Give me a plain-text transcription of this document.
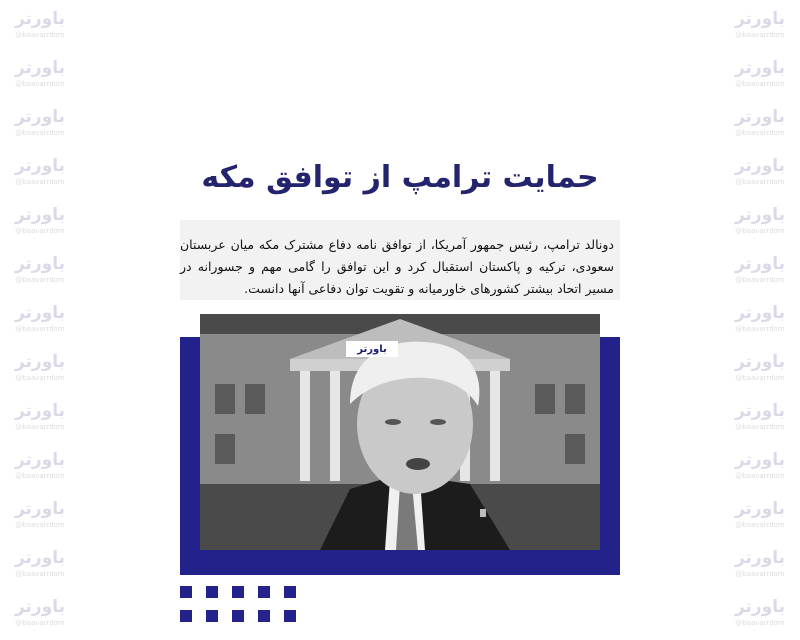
باورتر
@baavarrdom
باورتر
@baavarrdom
باورتر
@baavarrdom
باورتر
@baavarrdom
باورتر
@baavarrdom
باورتر
@baavarrdom
باورتر
@baavarrdom
باورتر
@baavarrdom
باورتر
@baavarrdom
باورتر
@baavarrdom
باورتر
@baavarrdom
باورتر
@baavarrdom
باورتر
@baavarrdom
باورتر
@baavarrdom
باورتر
@baavarrdom
باورتر
@baavarrdom
باورتر
@baavarrdom
باورتر
@baavarrdom
باورتر
@baavarrdom
باورتر
@baavarrdom
باورتر
@baavarrdom
باورتر
@baavarrdom
باورتر
@baavarrdom
باورتر
@baavarrdom
باورتر
@baavarrdom
باورتر
@baavarrdom
حمایت ترامپ از توافق مکه

دونالد ترامپ، رئیس جمهور آمریکا، از توافق نامه دفاع مشترک مکه میان عربستان سعودی، ترکیه و پاکستان استقبال کرد و این توافق را گامی مهم و جسورانه در مسیر اتحاد بیشتر کشورهای خاورمیانه و تقویت توان دفاعی آنها دانست.

باورتر
